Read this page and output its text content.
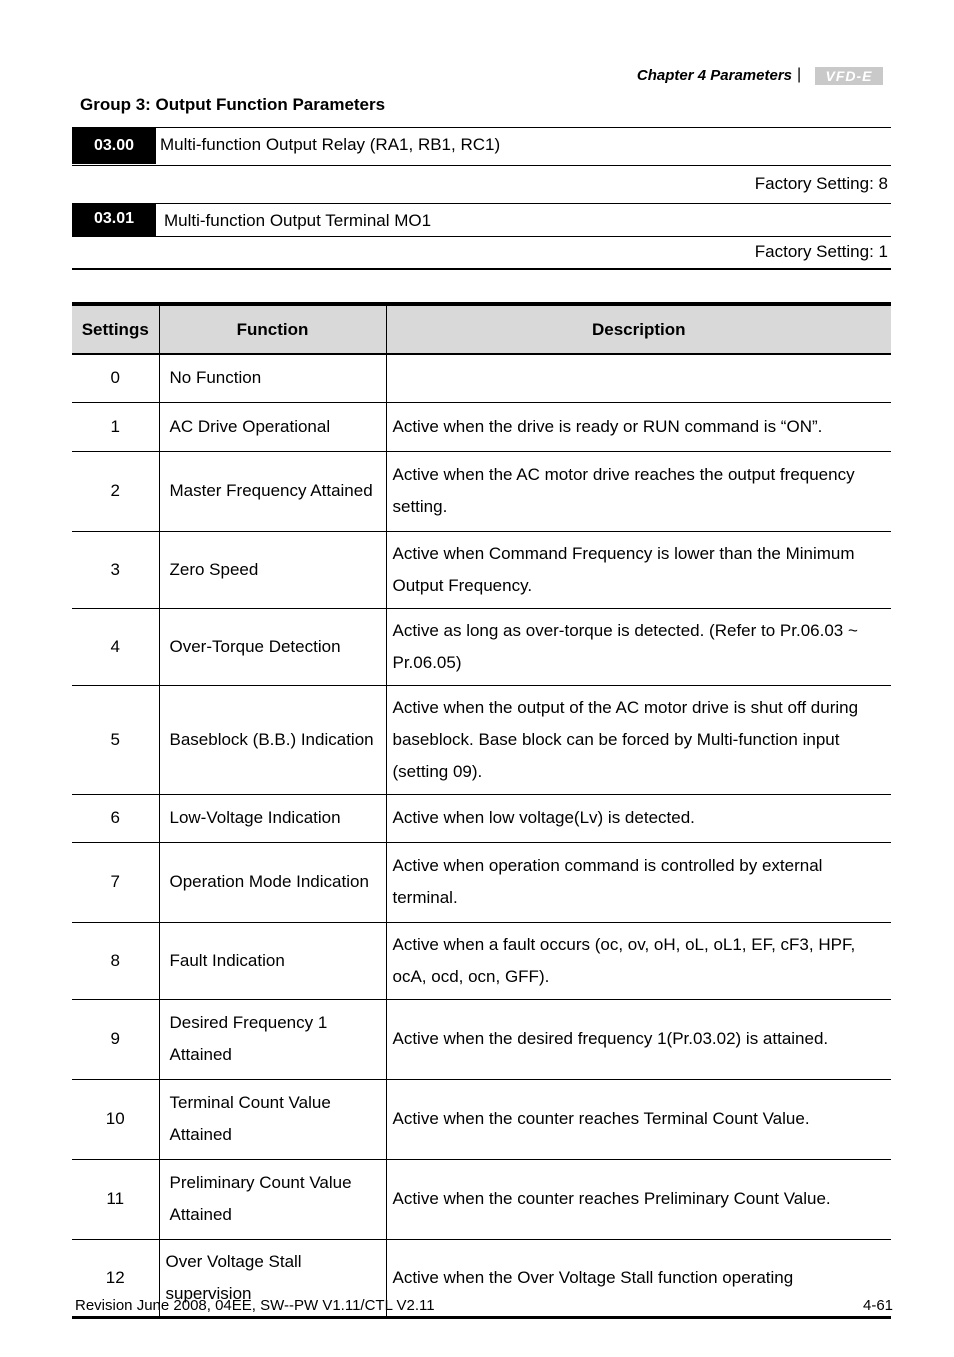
Chapter 4 Parameters |	VFD-E
Group 3: Output Function Parameters
03.00	Multi-function Output Relay (RA1, RB1, RC1)
Factory Setting: 8
03.01	Multi-function Output Terminal MO1
Factory Setting: 1
Settings	Function	Description
0	No Function	
1	AC Drive Operational	Active when the drive is ready or RUN command is “ON”.
2	Master Frequency Attained	Active when the AC motor drive reaches the output frequency setting.
3	Zero Speed	Active when Command Frequency is lower than the Minimum Output Frequency.
4	Over-Torque Detection	Active as long as over-torque is detected. (Refer to Pr.06.03 ~ Pr.06.05)
5	Baseblock (B.B.) Indication	Active when the output of the AC motor drive is shut off during baseblock. Base block can be forced by Multi-function input (setting 09).
6	Low-Voltage Indication	Active when low voltage(Lv) is detected.
7	Operation Mode Indication	Active when operation command is controlled by external terminal.
8	Fault Indication	Active when a fault occurs (oc, ov, oH, oL, oL1, EF, cF3, HPF, ocA, ocd, ocn, GFF).
9	Desired Frequency 1 Attained	Active when the desired frequency 1(Pr.03.02) is attained.
10	Terminal Count Value Attained	Active when the counter reaches Terminal Count Value.
11	Preliminary Count Value Attained	Active when the counter reaches Preliminary Count Value.
12	Over Voltage Stall supervision	Active when the Over Voltage Stall function operating
Revision June 2008, 04EE, SW--PW V1.11/CTL V2.11	4-61
